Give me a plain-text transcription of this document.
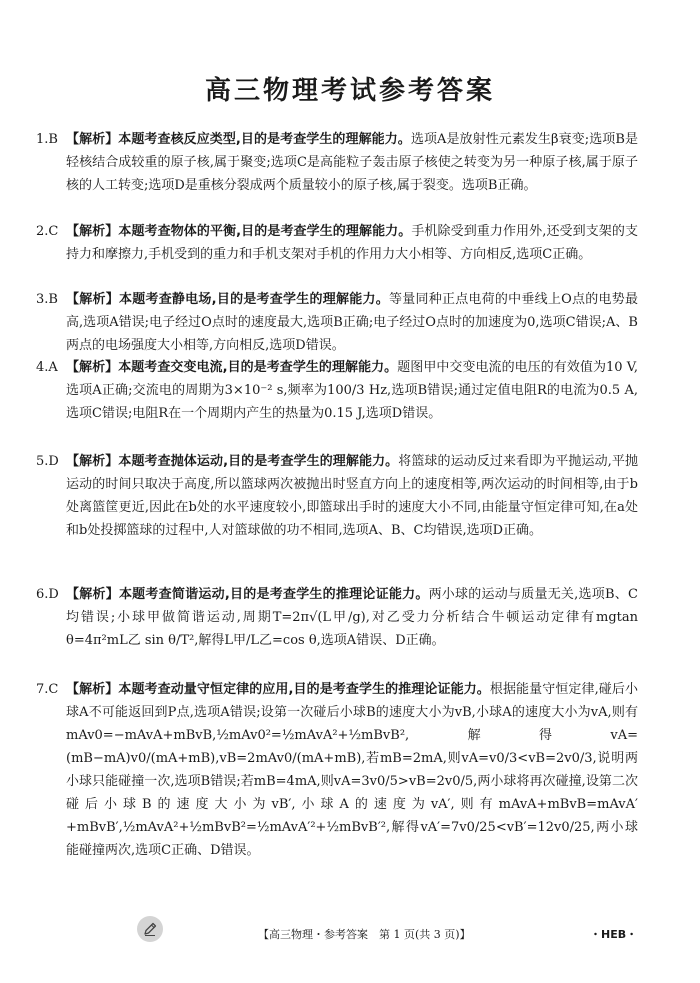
高三物理考试参考答案
1.B 【解析】本题考查核反应类型,目的是考查学生的理解能力。选项A是放射性元素发生β衰变;选项B是轻核结合成较重的原子核,属于聚变;选项C是高能粒子轰击原子核使之转变为另一种原子核,属于原子核的人工转变;选项D是重核分裂成两个质量较小的原子核,属于裂变。选项B正确。

2.C 【解析】本题考查物体的平衡,目的是考查学生的理解能力。手机除受到重力作用外,还受到支架的支持力和摩擦力,手机受到的重力和手机支架对手机的作用力大小相等、方向相反,选项C正确。

3.B 【解析】本题考查静电场,目的是考查学生的理解能力。等量同种正点电荷的中垂线上O点的电势最高,选项A错误;电子经过O点时的速度最大,选项B正确;电子经过O点时的加速度为0,选项C错误;A、B两点的电场强度大小相等,方向相反,选项D错误。

4.A 【解析】本题考查交变电流,目的是考查学生的理解能力。题图甲中交变电流的电压的有效值为10 V,选项A正确;交流电的周期为3×10⁻² s,频率为100/3 Hz,选项B错误;通过定值电阻R的电流为0.5 A,选项C错误;电阻R在一个周期内产生的热量为0.15 J,选项D错误。

5.D 【解析】本题考查抛体运动,目的是考查学生的理解能力。将篮球的运动反过来看即为平抛运动,平抛运动的时间只取决于高度,所以篮球两次被抛出时竖直方向上的速度相等,两次运动的时间相等,由于b处离篮筐更近,因此在b处的水平速度较小,即篮球出手时的速度大小不同,由能量守恒定律可知,在a处和b处投掷篮球的过程中,人对篮球做的功不相同,选项A、B、C均错误,选项D正确。

6.D 【解析】本题考查简谐运动,目的是考查学生的推理论证能力。两小球的运动与质量无关,选项B、C均错误;小球甲做简谐运动,周期T=2π√(L甲/g),对乙受力分析结合牛顿运动定律有mgtan θ=4π²mL乙 sin θ/T²,解得L甲/L乙=cos θ,选项A错误、D正确。

7.C 【解析】本题考查动量守恒定律的应用,目的是考查学生的推理论证能力。根据能量守恒定律,碰后小球A不可能返回到P点,选项A错误;设第一次碰后小球B的速度大小为vB,小球A的速度大小为vA,则有mAv0=−mAvA+mBvB,½mAv0²=½mAvA²+½mBvB²,解得vA=(mB−mA)v0/(mA+mB),vB=2mAv0/(mA+mB),若mB=2mA,则vA=v0/3<vB=2v0/3,说明两小球只能碰撞一次,选项B错误;若mB=4mA,则vA=3v0/5>vB=2v0/5,两小球将再次碰撞,设第二次碰后小球B的速度大小为vB′,小球A的速度为vA′,则有mAvA+mBvB=mAvA′+mBvB′,½mAvA²+½mBvB²=½mAvA′²+½mBvB′²,解得vA′=7v0/25<vB′=12v0/25,两小球能碰撞两次,选项C正确、D错误。

【高三物理・参考答案　第 1 页(共 3 页)】	・HEB・
